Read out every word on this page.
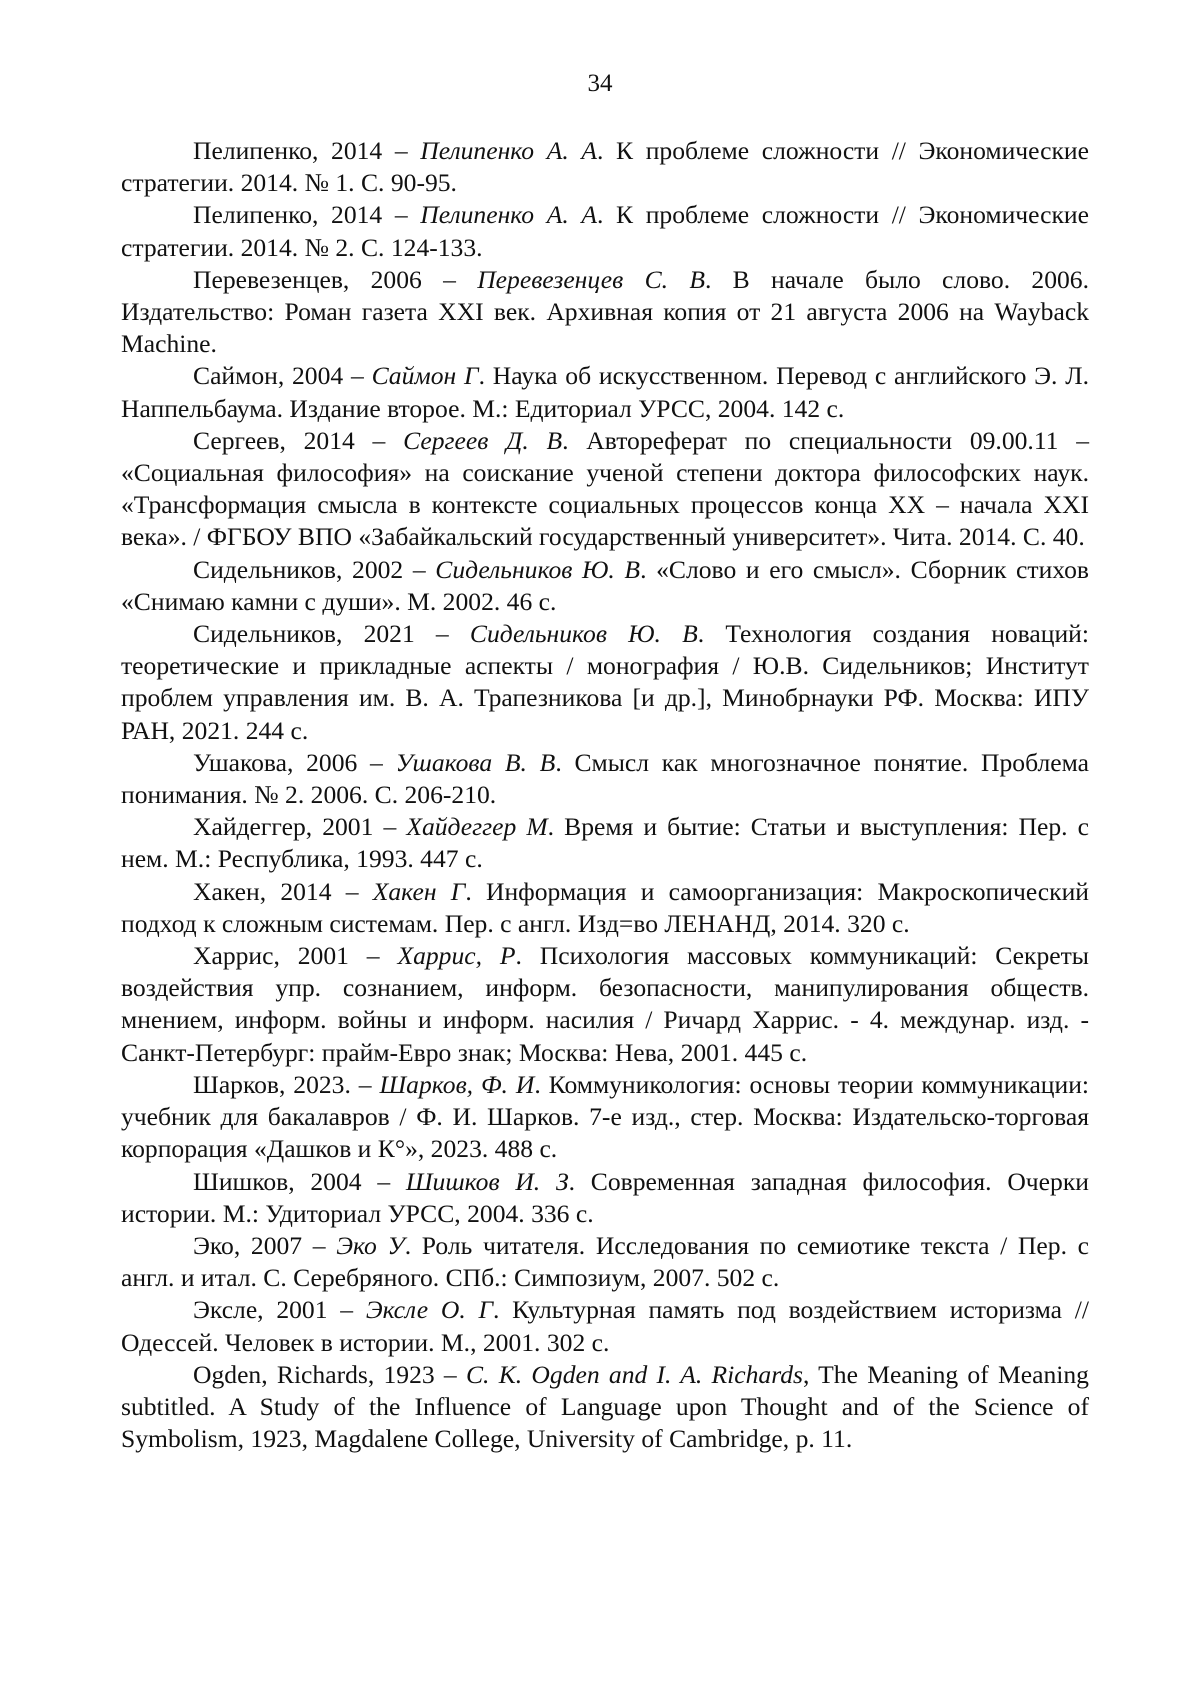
34

Пелипенко, 2014 – Пелипенко А. А. К проблеме сложности // Экономические стратегии. 2014. № 1. С. 90-95.

Пелипенко, 2014 – Пелипенко А. А. К проблеме сложности // Экономические стратегии. 2014. № 2. С. 124-133.

Перевезенцев, 2006 – Перевезенцев С. В. В начале было слово. 2006. Издательство: Роман газета XXI век. Архивная копия от 21 августа 2006 на Wayback Machine.

Саймон, 2004 – Саймон Г. Наука об искусственном. Перевод с английского Э. Л. Наппельбаума. Издание второе. М.: Едиториал УРСС, 2004. 142 с.

Сергеев, 2014 – Сергеев Д. В. Автореферат по специальности 09.00.11 – «Социальная философия» на соискание ученой степени доктора философских наук. «Трансформация смысла в контексте социальных процессов конца XX – начала XXI века». / ФГБОУ ВПО «Забайкальский государственный университет». Чита. 2014. С. 40.

Сидельников, 2002 – Сидельников Ю. В. «Слово и его смысл». Сборник стихов «Снимаю камни с души». М. 2002. 46 с.

Сидельников, 2021 – Сидельников Ю. В. Технология создания новаций: теоретические и прикладные аспекты / монография / Ю.В. Сидельников; Институт проблем управления им. В. А. Трапезникова [и др.], Минобрнауки РФ. Москва: ИПУ РАН, 2021. 244 с.

Ушакова, 2006 – Ушакова В. В. Смысл как многозначное понятие. Проблема понимания. № 2. 2006. С. 206-210.

Хайдеггер, 2001 – Хайдеггер М. Время и бытие: Статьи и выступления: Пер. с нем. М.: Республика, 1993. 447 с.

Хакен, 2014 – Хакен Г. Информация и самоорганизация: Макроскопический подход к сложным системам. Пер. с англ. Изд=во ЛЕНАНД, 2014. 320 с.

Харрис, 2001 – Харрис, Р. Психология массовых коммуникаций: Секреты воздействия упр. сознанием, информ. безопасности, манипулирования обществ. мнением, информ. войны и информ. насилия / Ричард Харрис. - 4. междунар. изд. - Санкт-Петербург: прайм-Евро знак; Москва: Нева, 2001. 445 с.

Шарков, 2023. – Шарков, Ф. И. Коммуникология: основы теории коммуникации: учебник для бакалавров / Ф. И. Шарков. 7-е изд., стер. Москва: Издательско-торговая корпорация «Дашков и К°», 2023. 488 с.

Шишков, 2004 – Шишков И. З. Современная западная философия. Очерки истории. М.: Удиториал УРСС, 2004. 336 с.

Эко, 2007 – Эко У. Роль читателя. Исследования по семиотике текста / Пер. с англ. и итал. С. Серебряного. СПб.: Симпозиум, 2007. 502 с.

Эксле, 2001 – Эксле О. Г. Культурная память под воздействием историзма // Одессей. Человек в истории. М., 2001. 302 с.

Ogden, Richards, 1923 – C. K. Ogden and I. A. Richards, The Meaning of Meaning subtitled. A Study of the Influence of Language upon Thought and of the Science of Symbolism, 1923, Magdalene College, University of Cambridge, p. 11.
